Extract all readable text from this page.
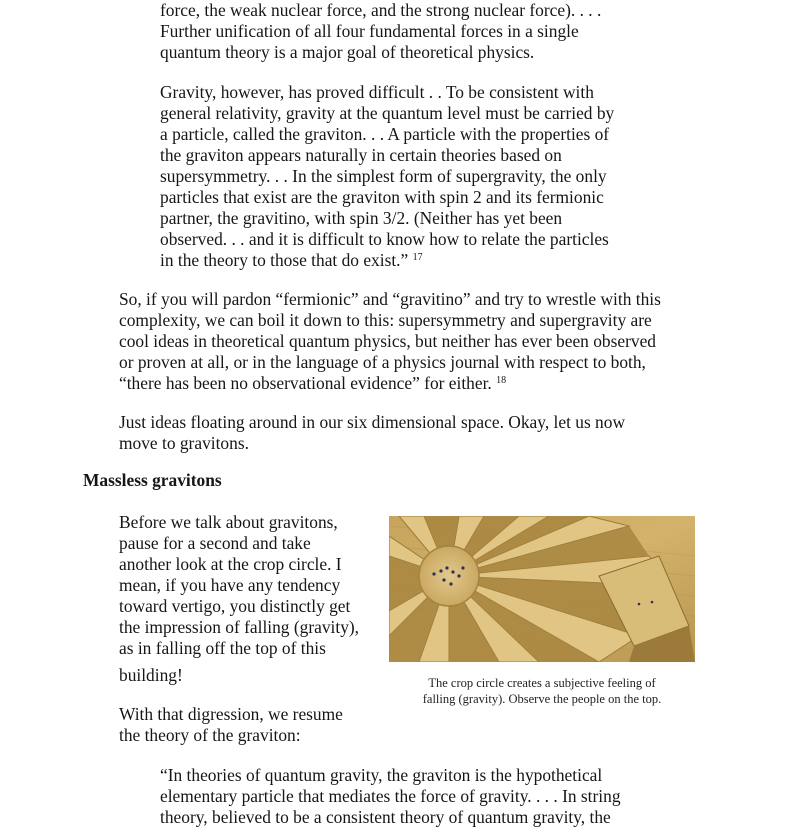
force, the weak nuclear force, and the strong nuclear force). . . .
Further unification of all four fundamental forces in a single
quantum theory is a major goal of theoretical physics.
Gravity, however, has proved difficult . . To be consistent with
general relativity, gravity at the quantum level must be carried by
a particle, called the graviton. . . A particle with the properties of
the graviton appears naturally in certain theories based on
supersymmetry. . . In the simplest form of supergravity, the only
particles that exist are the graviton with spin 2 and its fermionic
partner, the gravitino, with spin 3/2. (Neither has yet been
observed. . . and it is difficult to know how to relate the particles
in the theory to those that do exist.” $^{17}$
So, if you will pardon “fermionic” and “gravitino” and try to wrestle with this
complexity, we can boil it down to this: supersymmetry and supergravity are
cool ideas in theoretical quantum physics, but neither has ever been observed
or proven at all, or in the language of a physics journal with respect to both,
“there has been no observational evidence” for either. $^{18}$
Just ideas floating around in our six dimensional space. Okay, let us now
move to gravitons.
Massless gravitons
Before we talk about gravitons,
pause for a second and take
another look at the crop circle. I
mean, if you have any tendency
toward vertigo, you distinctly get
the impression of falling (gravity),
as in falling off the top of this
building!	The crop circle creates a subjective feeling of
falling (gravity). Observe the people on the top.
With that digression, we resume
the theory of the graviton:
“In theories of quantum gravity, the graviton is the hypothetical
elementary particle that mediates the force of gravity. . . . In string
theory, believed to be a consistent theory of quantum gravity, the
